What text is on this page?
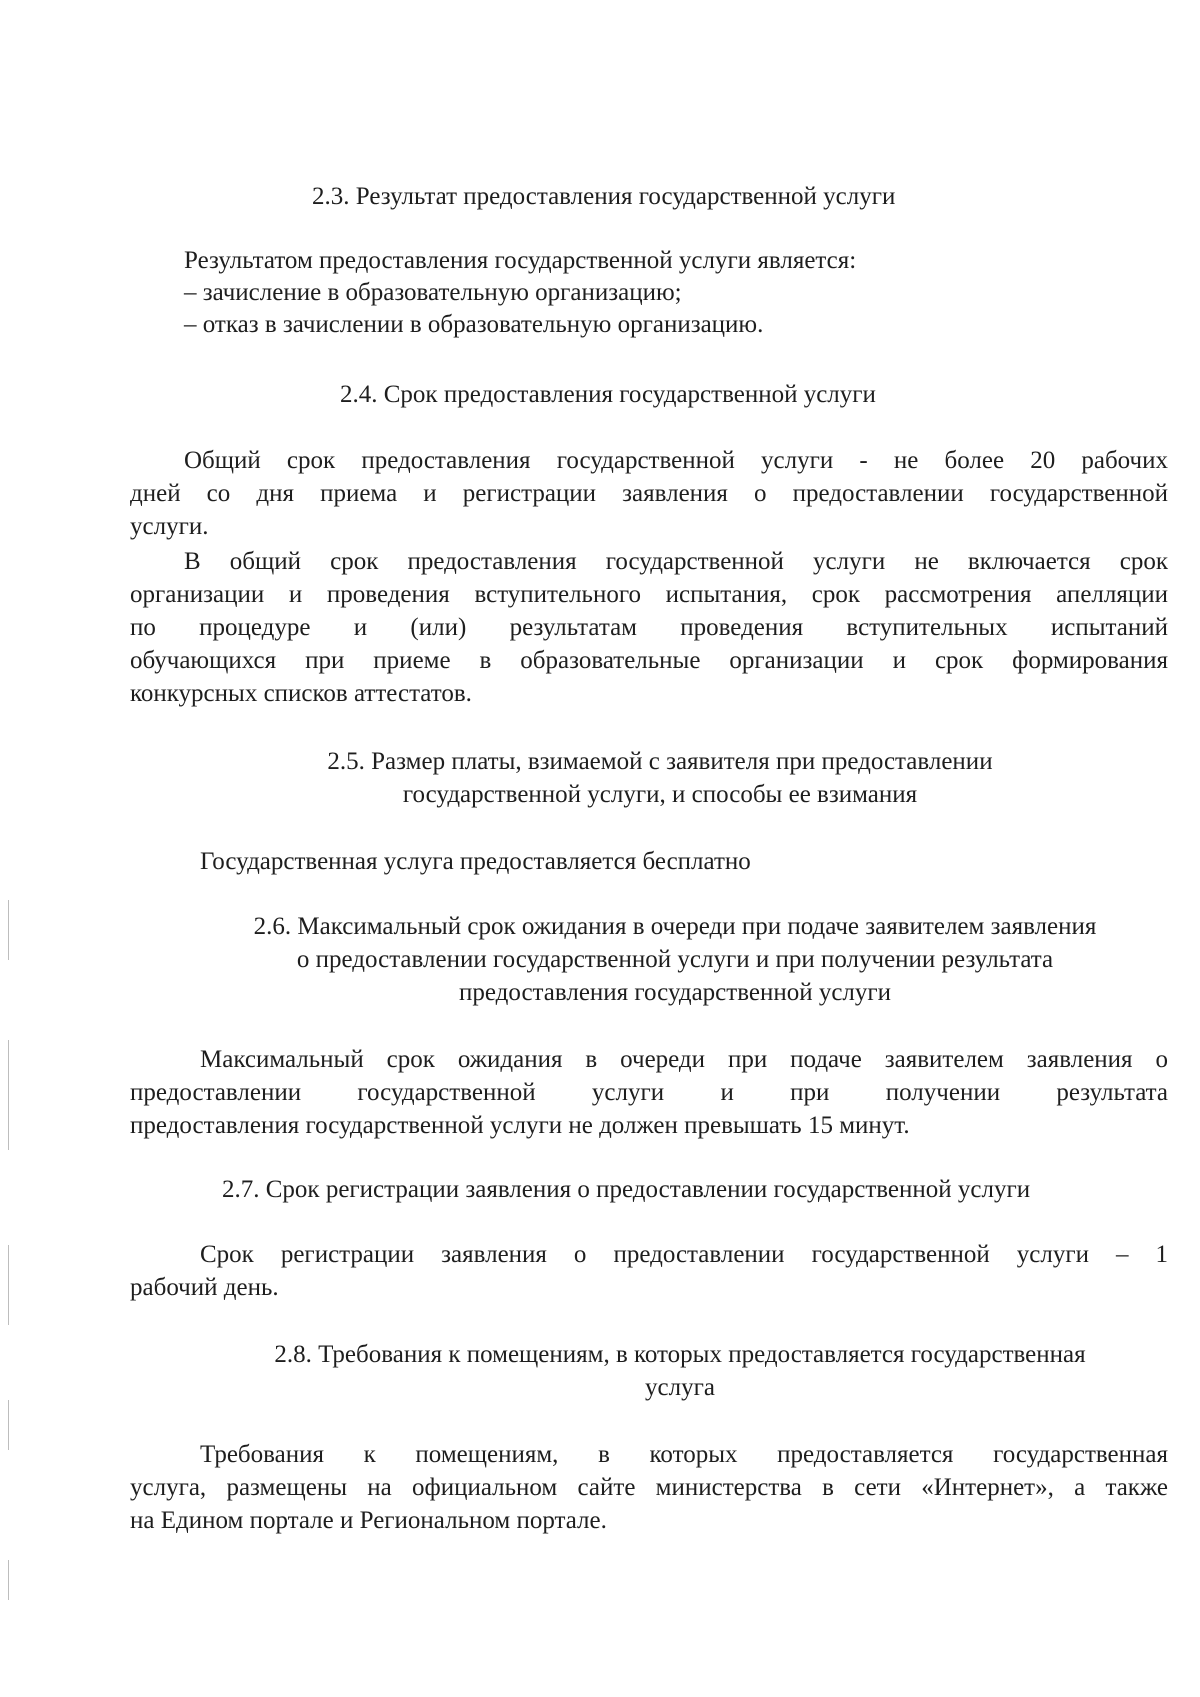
2.3. Результат предоставления государственной услуги
Результатом предоставления государственной услуги является:
– зачисление в образовательную организацию;
– отказ в зачислении в образовательную организацию.
2.4. Срок предоставления государственной услуги
Общий срок предоставления государственной услуги - не более 20 рабочих
дней со дня приема и регистрации заявления о предоставлении государственной
услуги.
В общий срок предоставления государственной услуги не включается срок
организации и проведения вступительного испытания, срок рассмотрения апелляции
по процедуре и (или) результатам проведения вступительных испытаний
обучающихся при приеме в образовательные организации и срок формирования
конкурсных списков аттестатов.
2.5. Размер платы, взимаемой с заявителя при предоставлении
государственной услуги, и способы ее взимания
Государственная услуга предоставляется бесплатно
2.6. Максимальный срок ожидания в очереди при подаче заявителем заявления
о предоставлении государственной услуги и при получении результата
предоставления государственной услуги
Максимальный срок ожидания в очереди при подаче заявителем заявления о
предоставлении государственной услуги и при получении результата
предоставления государственной услуги не должен превышать 15 минут.
2.7. Срок регистрации заявления о предоставлении государственной услуги
Срок регистрации заявления о предоставлении государственной услуги – 1
рабочий день.
2.8. Требования к помещениям, в которых предоставляется государственная
услуга
Требования к помещениям, в которых предоставляется государственная
услуга, размещены на официальном сайте министерства в сети «Интернет», а также
на Едином портале и Региональном портале.
